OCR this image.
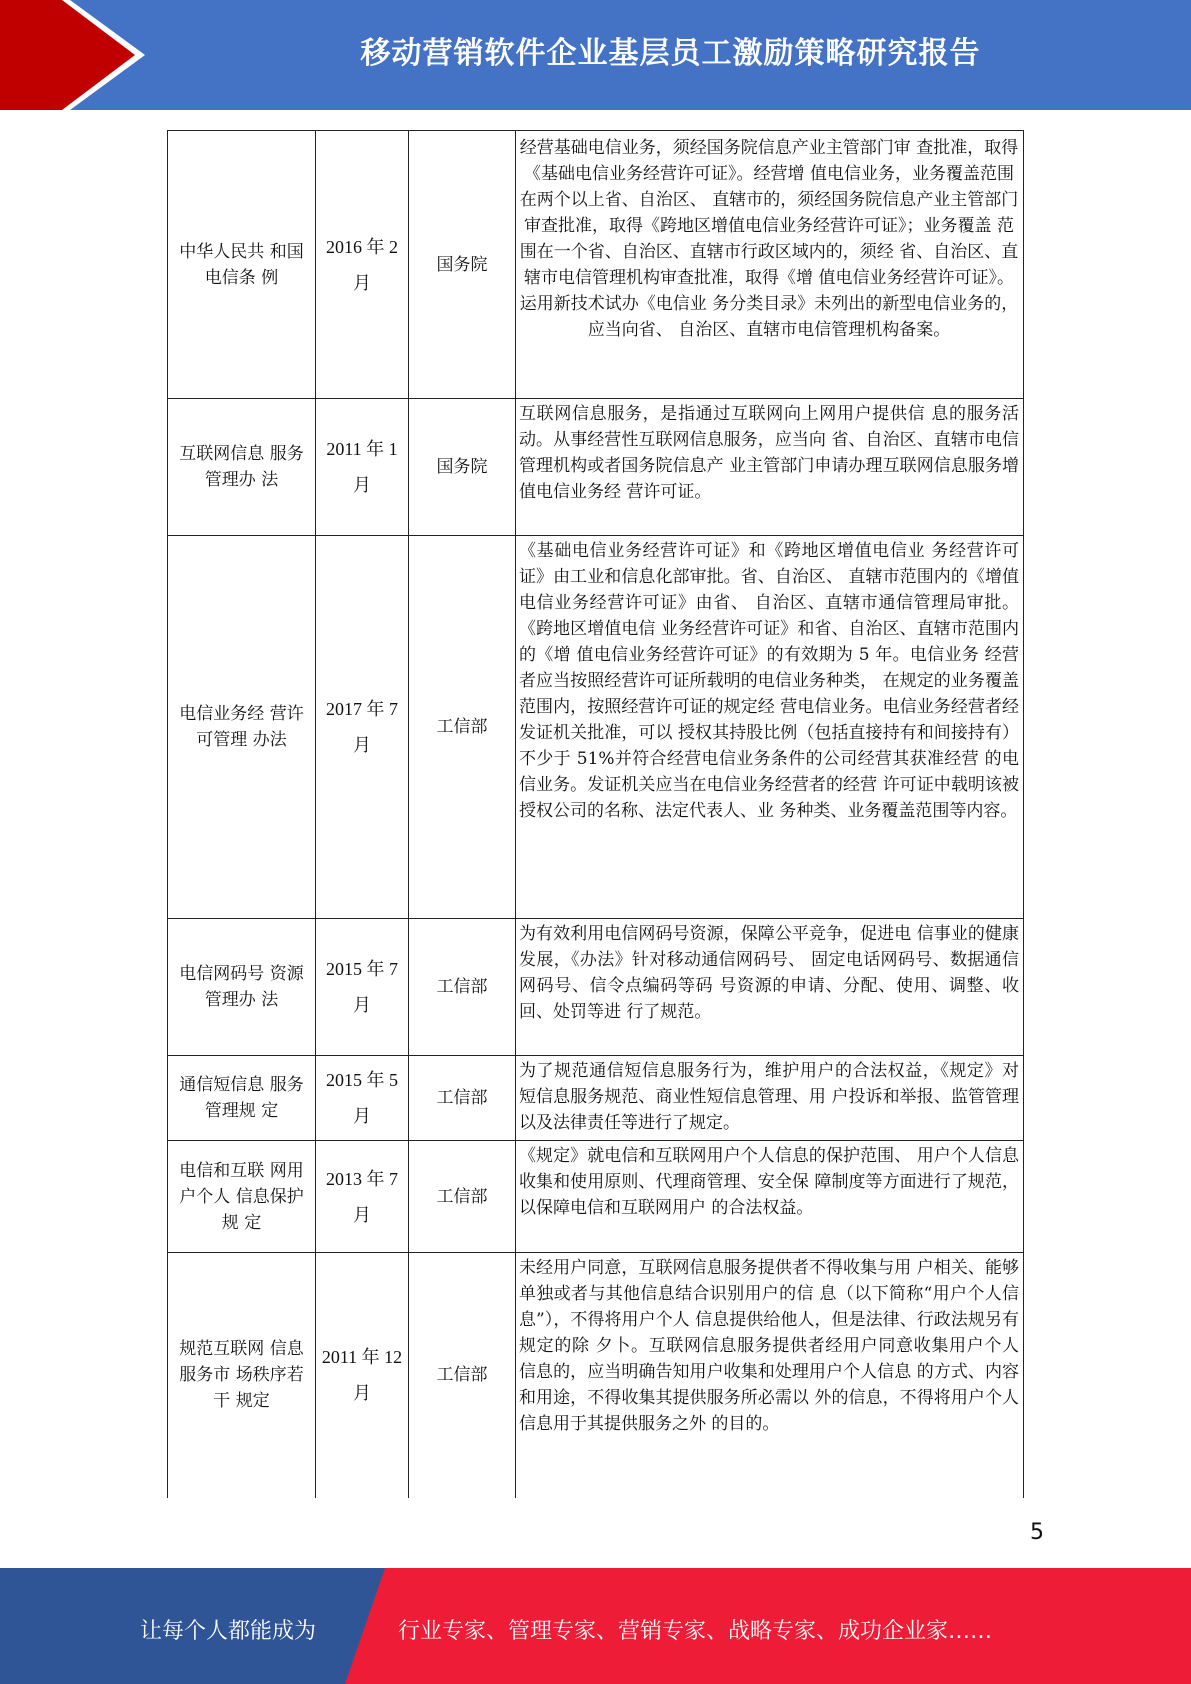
移动营销软件企业基层员工激励策略研究报告
中华人民共 和国电信条 例	2016 年 2 月	国务院	经营基础电信业务，须经国务院信息产业主管部门审 查批准，取得《基础电信业务经营许可证》。经营增 值电信业务，业务覆盖范围在两个以上省、自治区、 直辖市的，须经国务院信息产业主管部门审查批准，取得《跨地区增值电信业务经营许可证》；业务覆盖 范围在一个省、自治区、直辖市行政区域内的，须经 省、自治区、直辖市电信管理机构审查批准，取得《增 值电信业务经营许可证》。运用新技术试办《电信业 务分类目录》未列出的新型电信业务的，应当向省、 自治区、直辖市电信管理机构备案。
互联网信息 服务管理办 法	2011 年 1 月	国务院	互联网信息服务，是指通过互联网向上网用户提供信 息的服务活动。从事经营性互联网信息服务，应当向 省、自治区、直辖市电信管理机构或者国务院信息产 业主管部门申请办理互联网信息服务增值电信业务经 营许可证。
电信业务经 营许可管理 办法	2017 年 7 月	工信部	《基础电信业务经营许可证》和《跨地区增值电信业 务经营许可证》由工业和信息化部审批。省、自治区、 直辖市范围内的《增值电信业务经营许可证》由省、 自治区、直辖市通信管理局审批。《跨地区增值电信 业务经营许可证》和省、自治区、直辖市范围内的《增 值电信业务经营许可证》的有效期为 5 年。电信业务 经营者应当按照经营许可证所载明的电信业务种类， 在规定的业务覆盖范围内，按照经营许可证的规定经 营电信业务。电信业务经营者经发证机关批准，可以 授权其持股比例（包括直接持有和间接持有）不少于 51%并符合经营电信业务条件的公司经营其获准经营 的电信业务。发证机关应当在电信业务经营者的经营 许可证中载明该被授权公司的名称、法定代表人、业 务种类、业务覆盖范围等内容。
电信网码号 资源管理办 法	2015 年 7 月	工信部	为有效利用电信网码号资源，保障公平竞争，促进电 信事业的健康发展，《办法》针对移动通信网码号、 固定电话网码号、数据通信网码号、信令点编码等码 号资源的申请、分配、使用、调整、收回、处罚等进 行了规范。
通信短信息 服务管理规 定	2015 年 5 月	工信部	为了规范通信短信息服务行为，维护用户的合法权益，《规定》对短信息服务规范、商业性短信息管理、用 户投诉和举报、监管管理以及法律责任等进行了规定。
电信和互联 网用户个人 信息保护规 定	2013 年 7 月	工信部	《规定》就电信和互联网用户个人信息的保护范围、 用户个人信息收集和使用原则、代理商管理、安全保 障制度等方面进行了规范，以保障电信和互联网用户 的合法权益。
规范互联网 信息服务市 场秩序若干 规定	2011 年 12 月	工信部	未经用户同意，互联网信息服务提供者不得收集与用 户相关、能够单独或者与其他信息结合识别用户的信 息（以下简称“用户个人信息”），不得将用户个人 信息提供给他人，但是法律、行政法规另有规定的除 夕卜。互联网信息服务提供者经用户同意收集用户个人 信息的，应当明确告知用户收集和处理用户个人信息 的方式、内容和用途，不得收集其提供服务所必需以 外的信息，不得将用户个人信息用于其提供服务之外 的目的。
5
让每个人都能成为	行业专家、管理专家、营销专家、战略专家、成功企业家……
